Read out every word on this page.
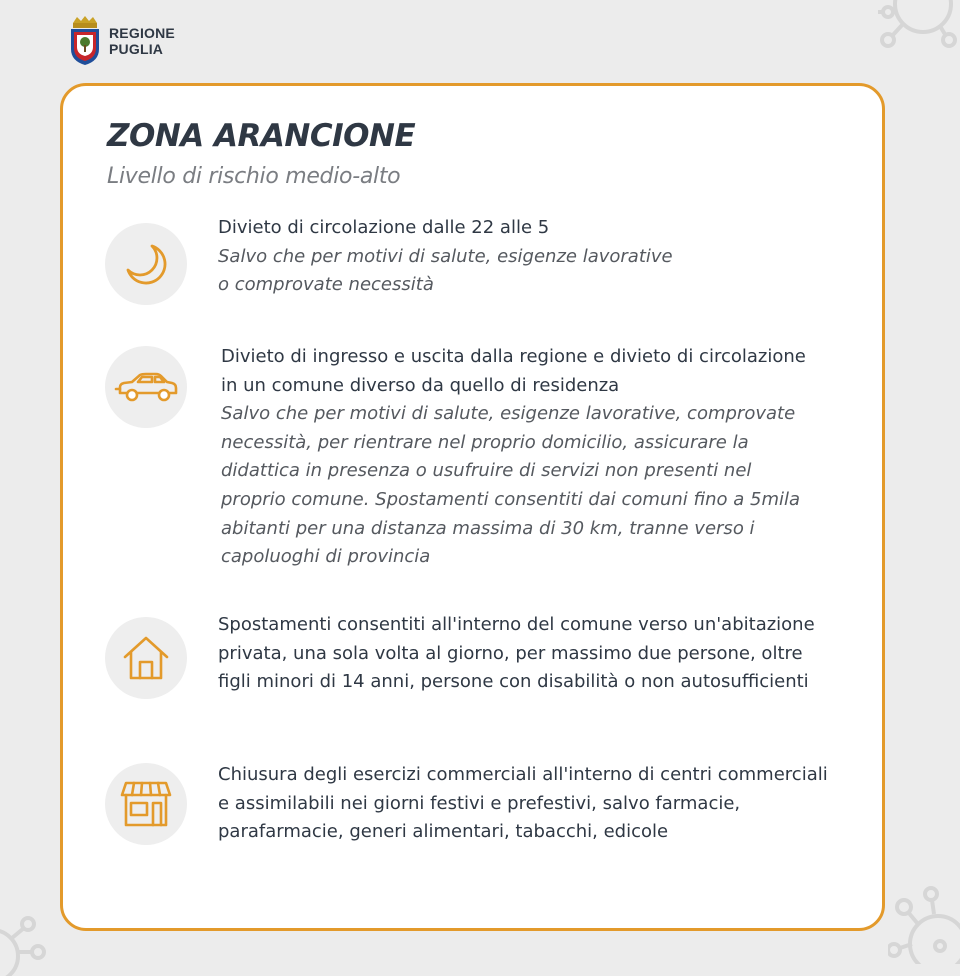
REGIONE
PUGLIA
ZONA ARANCIONE

Livello di rischio medio-alto

Divieto di circolazione dalle 22 alle 5
Salvo che per motivi di salute, esigenze lavorative o comprovate necessità
Divieto di ingresso e uscita dalla regione e divieto di circolazione in un comune diverso da quello di residenza
Salvo che per motivi di salute, esigenze lavorative, comprovate necessità, per rientrare nel proprio domicilio, assicurare la didattica in presenza o usufruire di servizi non presenti nel proprio comune. Spostamenti consentiti dai comuni fino a 5mila abitanti per una distanza massima di 30 km, tranne verso i capoluoghi di provincia
Spostamenti consentiti all'interno del comune verso un'abitazione privata, una sola volta al giorno, per massimo due persone, oltre figli minori di 14 anni, persone con disabilità o non autosufficienti
Chiusura degli esercizi commerciali all'interno di centri commerciali e assimilabili nei giorni festivi e prefestivi, salvo farmacie, parafarmacie, generi alimentari, tabacchi, edicole
